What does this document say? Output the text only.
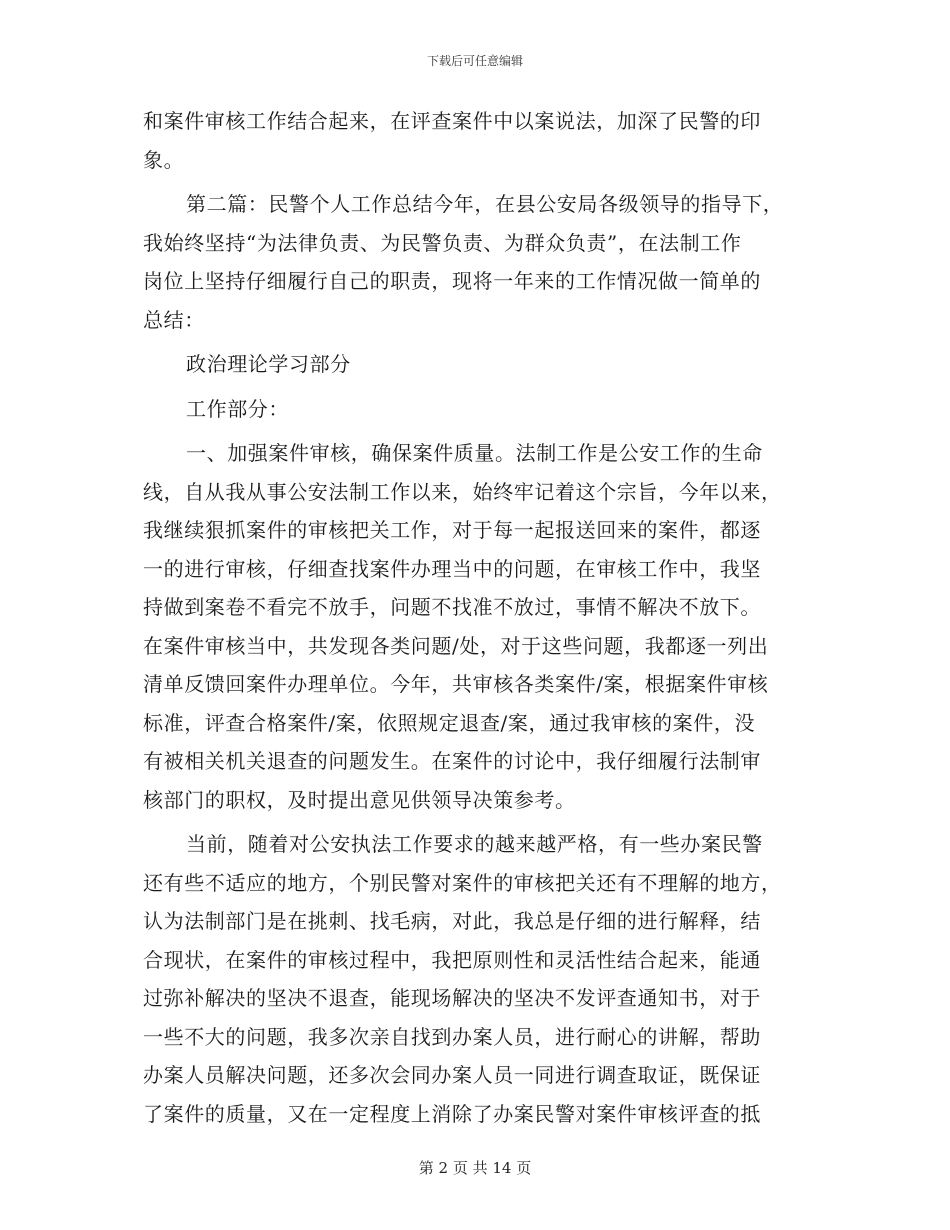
下载后可任意编辑
和案件审核工作结合起来，在评查案件中以案说法，加深了民警的印
象。
第二篇：民警个人工作总结今年，在县公安局各级领导的指导下，
我始终坚持“为法律负责、为民警负责、为群众负责”，在法制工作
岗位上坚持仔细履行自己的职责，现将一年来的工作情况做一简单的
总结：
政治理论学习部分
工作部分：
一、加强案件审核，确保案件质量。法制工作是公安工作的生命
线，自从我从事公安法制工作以来，始终牢记着这个宗旨，今年以来，
我继续狠抓案件的审核把关工作，对于每一起报送回来的案件，都逐
一的进行审核，仔细查找案件办理当中的问题，在审核工作中，我坚
持做到案卷不看完不放手，问题不找准不放过，事情不解决不放下。
在案件审核当中，共发现各类问题/处，对于这些问题，我都逐一列出
清单反馈回案件办理单位。今年，共审核各类案件/案，根据案件审核
标准，评查合格案件/案，依照规定退查/案，通过我审核的案件，没
有被相关机关退查的问题发生。在案件的讨论中，我仔细履行法制审
核部门的职权，及时提出意见供领导决策参考。
当前，随着对公安执法工作要求的越来越严格，有一些办案民警
还有些不适应的地方，个别民警对案件的审核把关还有不理解的地方，
认为法制部门是在挑刺、找毛病，对此，我总是仔细的进行解释，结
合现状，在案件的审核过程中，我把原则性和灵活性结合起来，能通
过弥补解决的坚决不退查，能现场解决的坚决不发评查通知书，对于
一些不大的问题，我多次亲自找到办案人员，进行耐心的讲解，帮助
办案人员解决问题，还多次会同办案人员一同进行调查取证，既保证
了案件的质量，又在一定程度上消除了办案民警对案件审核评查的抵
第 2 页 共 14 页
